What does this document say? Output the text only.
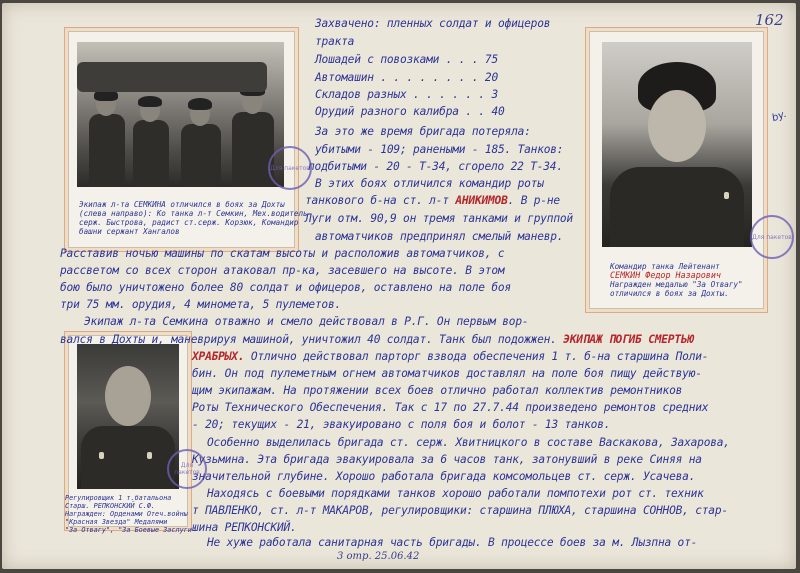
162
by.
Экипаж л-та СЕМКИНА отличился в боях за Дохты
(слева направо): Ко танка л-т Семкин, Мех.водитель
серж. Быстрова, радист ст.серж. Корзюк, Командир
башни сержант Хангалов
Командир танка Лейтенант
СЕМКИН Федор Назарович
Награжден медалью "За Отвагу"
отличился в боях за Дохты.
Регулировщик 1 т.батальона
Старш. РЕПКОНСКИЙ С.Ф.
Награжден: Орденами Отеч.войны
"Красная Звезда" Медалями
"За Отвагу", "За Боевые Заслуги"
Для пакетов
Для пакетов
Для пакетов
Захвачено: пленных солдат и офицеров
тракта
Лошадей с повозками . . . 75
Автомашин . . . . . . . . 20
Складов разных . . . . . . 3
Орудий разного калибра . . 40
За это же время бригада потеряла:
убитыми - 109; ранеными - 185. Танков:
подбитыми - 20 - Т-34, сгорело 22 Т-34.
В этих боях отличился командир роты
танкового б-на ст. л-т АНИКИМОВ. В р-не
Луги отм. 90,9 он тремя танками и группой
автоматчиков предпринял смелый маневр.
Расставив ночью машины по скатам высоты и расположив автоматчиков, с
рассветом со всех сторон атаковал пр-ка, засевшего на высоте. В этом
бою было уничтожено более 80 солдат и офицеров, оставлено на поле боя
три 75 мм. орудия, 4 миномета, 5 пулеметов.
Экипаж л-та Семкина отважно и смело действовал в Р.Г. Он первым вор-
вался в Дохты и, маневрируя машиной, уничтожил 40 солдат. Танк был подожжен. ЭКИПАЖ ПОГИБ СМЕРТЬЮ
ХРАБРЫХ. Отлично действовал парторг взвода обеспечения 1 т. б-на старшина Поли-
бин. Он под пулеметным огнем автоматчиков доставлял на поле боя пищу действую-
щим экипажам. На протяжении всех боев отлично работал коллектив ремонтников
Роты Технического Обеспечения. Так с 17 по 27.7.44 произведено ремонтов средних
- 20; текущих - 21, эвакуировано с поля боя и болот - 13 танков.
Особенно выделилась бригада ст. серж. Хвитницкого в составе Васкакова, Захарова,
Кузьмина. Эта бригада эвакуировала за 6 часов танк, затонувший в реке Синяя на
значительной глубине. Хорошо работала бригада комсомольцев ст. серж. Усачева.
Находясь с боевыми порядками танков хорошо работали помпотехи рот ст. техник
т ПАВЛЕНКО, ст. л-т МАКАРОВ, регулировщики: старшина ПЛЮХА, старшина СОННОВ, стар-
шина РЕПКОНСКИЙ.
Не хуже работала санитарная часть бригады. В процессе боев за м. Лызпна от-
3 отр. 25.06.42
